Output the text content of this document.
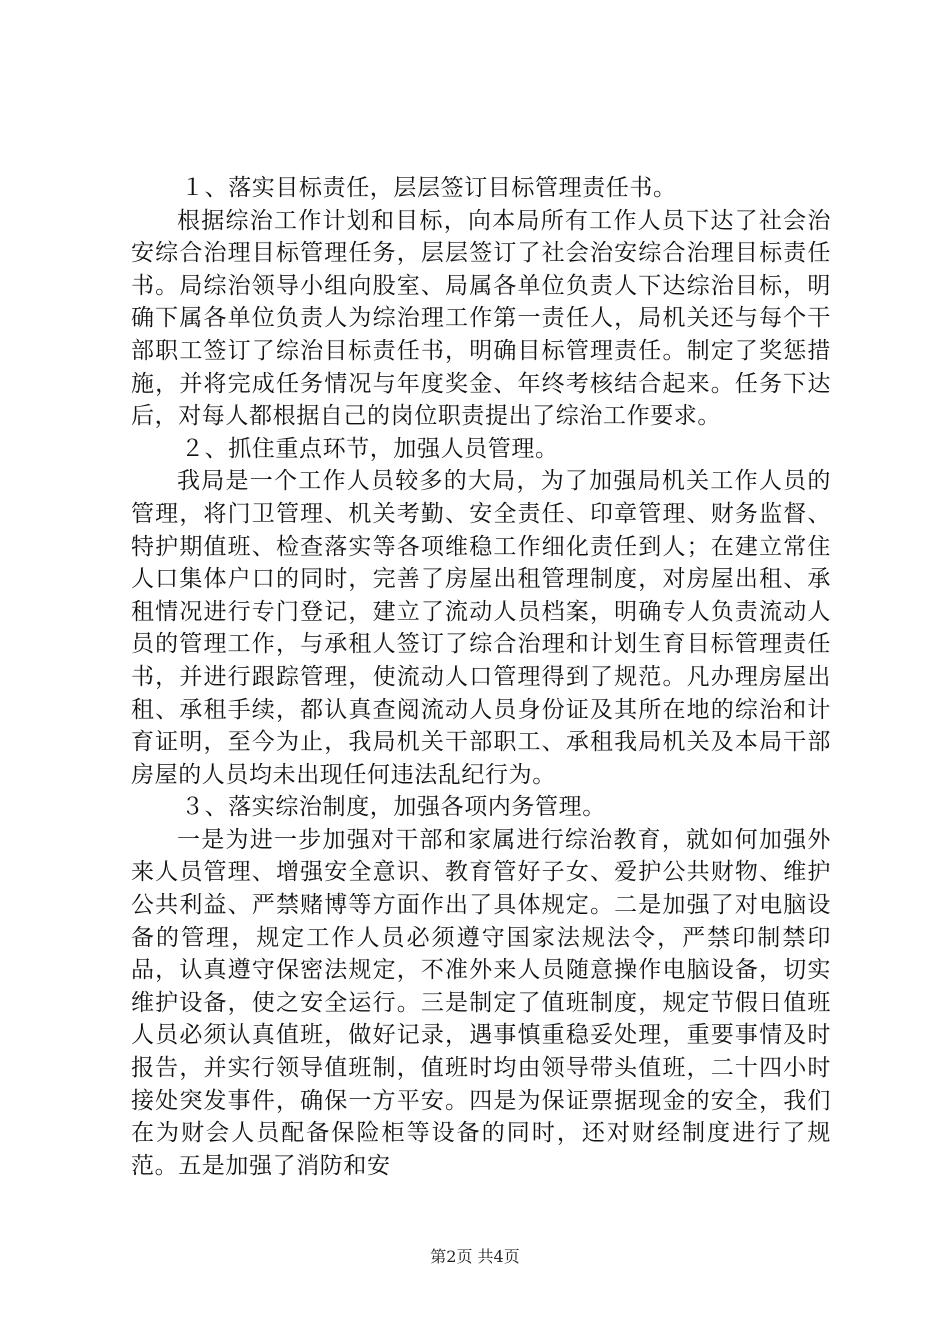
１、落实目标责任，层层签订目标管理责任书。

根据综治工作计划和目标，向本局所有工作人员下达了社会治安综合治理目标管理任务，层层签订了社会治安综合治理目标责任书。局综治领导小组向股室、局属各单位负责人下达综治目标，明确下属各单位负责人为综治理工作第一责任人，局机关还与每个干部职工签订了综治目标责任书，明确目标管理责任。制定了奖惩措施，并将完成任务情况与年度奖金、年终考核结合起来。任务下达后，对每人都根据自己的岗位职责提出了综治工作要求。

２、抓住重点环节，加强人员管理。

我局是一个工作人员较多的大局，为了加强局机关工作人员的管理，将门卫管理、机关考勤、安全责任、印章管理、财务监督、特护期值班、检查落实等各项维稳工作细化责任到人；在建立常住人口集体户口的同时，完善了房屋出租管理制度，对房屋出租、承租情况进行专门登记，建立了流动人员档案，明确专人负责流动人员的管理工作，与承租人签订了综合治理和计划生育目标管理责任书，并进行跟踪管理，使流动人口管理得到了规范。凡办理房屋出租、承租手续，都认真查阅流动人员身份证及其所在地的综治和计育证明，至今为止，我局机关干部职工、承租我局机关及本局干部房屋的人员均未出现任何违法乱纪行为。

３、落实综治制度，加强各项内务管理。

一是为进一步加强对干部和家属进行综治教育，就如何加强外来人员管理、增强安全意识、教育管好子女、爱护公共财物、维护公共利益、严禁赌博等方面作出了具体规定。二是加强了对电脑设备的管理，规定工作人员必须遵守国家法规法令，严禁印制禁印品，认真遵守保密法规定，不准外来人员随意操作电脑设备，切实维护设备，使之安全运行。三是制定了值班制度，规定节假日值班人员必须认真值班，做好记录，遇事慎重稳妥处理，重要事情及时报告，并实行领导值班制，值班时均由领导带头值班，二十四小时接处突发事件，确保一方平安。四是为保证票据现金的安全，我们在为财会人员配备保险柜等设备的同时，还对财经制度进行了规范。五是加强了消防和安

第2页 共4页
